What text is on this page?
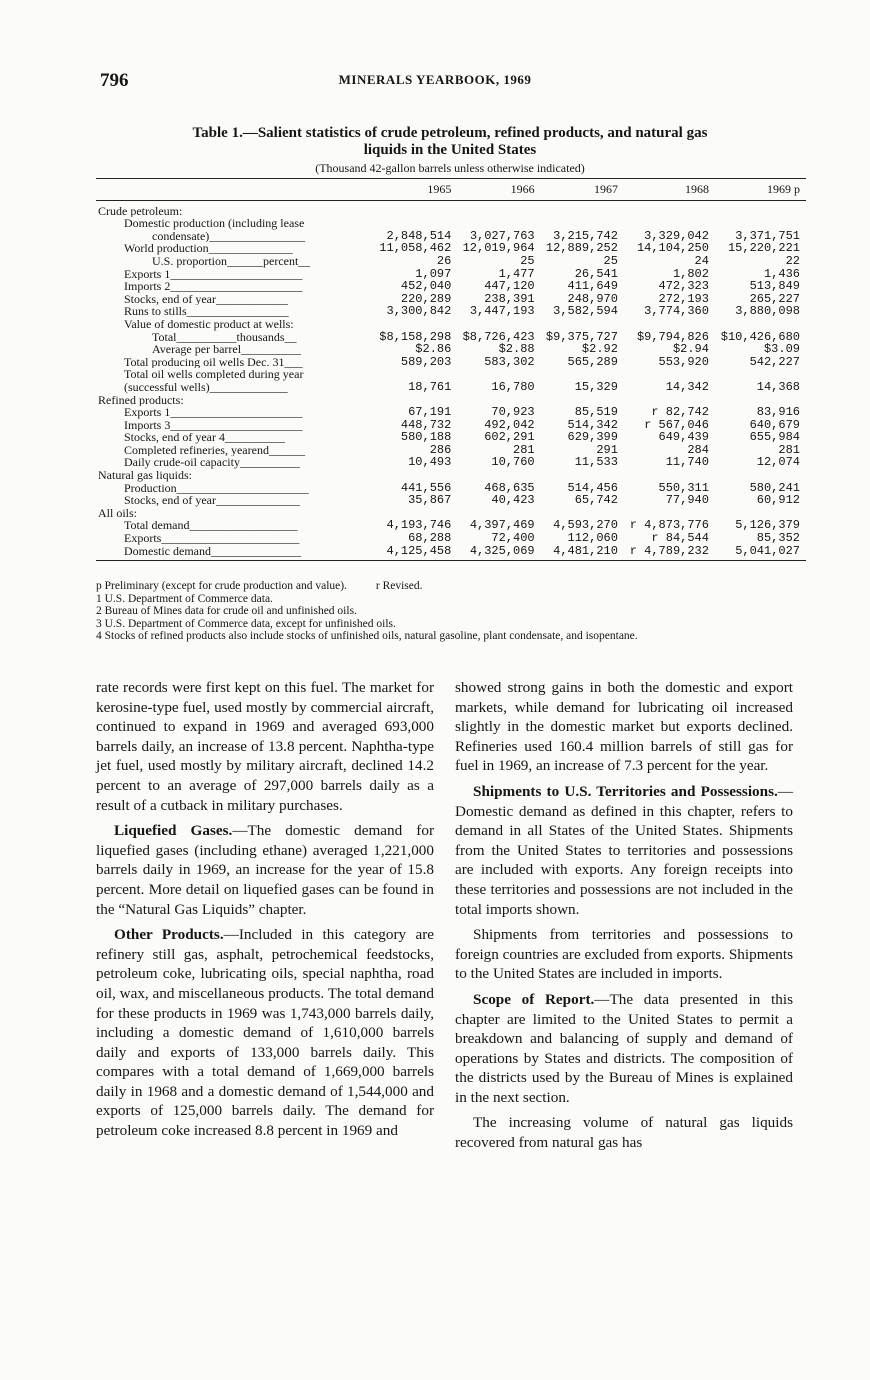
796	MINERALS YEARBOOK, 1969
Table 1.—Salient statistics of crude petroleum, refined products, and natural gas
liquids in the United States
(Thousand 42-gallon barrels unless otherwise indicated)
	1965	1966	1967	1968	1969 p
Crude petroleum:					
Domestic production (including lease					
condensate)________________	2,848,514	3,027,763	3,215,742	3,329,042	3,371,751
World production______________	11,058,462	12,019,964	12,889,252	14,104,250	15,220,221
U.S. proportion______percent__	26	25	25	24	22
Exports 1______________________	1,097	1,477	26,541	1,802	1,436
Imports 2______________________	452,040	447,120	411,649	472,323	513,849
Stocks, end of year____________	220,289	238,391	248,970	272,193	265,227
Runs to stills_________________	3,300,842	3,447,193	3,582,594	3,774,360	3,880,098
Value of domestic product at wells:					
Total__________thousands__	$8,158,298	$8,726,423	$9,375,727	$9,794,826	$10,426,680
Average per barrel__________	$2.86	$2.88	$2.92	$2.94	$3.09
Total producing oil wells Dec. 31___	589,203	583,302	565,289	553,920	542,227
Total oil wells completed during year					
(successful wells)_____________	18,761	16,780	15,329	14,342	14,368
Refined products:					
Exports 1______________________	67,191	70,923	85,519	r 82,742	83,916
Imports 3______________________	448,732	492,042	514,342	r 567,046	640,679
Stocks, end of year 4__________	580,188	602,291	629,399	649,439	655,984
Completed refineries, yearend______	286	281	291	284	281
Daily crude-oil capacity__________	10,493	10,760	11,533	11,740	12,074
Natural gas liquids:					
Production______________________	441,556	468,635	514,456	550,311	580,241
Stocks, end of year______________	35,867	40,423	65,742	77,940	60,912
All oils:					
Total demand__________________	4,193,746	4,397,469	4,593,270	r 4,873,776	5,126,379
Exports_______________________	68,288	72,400	112,060	r 84,544	85,352
Domestic demand_______________	4,125,458	4,325,069	4,481,210	r 4,789,232	5,041,027
p Preliminary (except for crude production and value).	r Revised.
1 U.S. Department of Commerce data.
2 Bureau of Mines data for crude oil and unfinished oils.
3 U.S. Department of Commerce data, except for unfinished oils.
4 Stocks of refined products also include stocks of unfinished oils, natural gasoline, plant condensate, and isopentane.

rate records were first kept on this fuel. The market for kerosine-type fuel, used mostly by commercial aircraft, continued to expand in 1969 and averaged 693,000 barrels daily, an increase of 13.8 percent. Naphtha-type jet fuel, used mostly by military aircraft, declined 14.2 percent to an average of 297,000 barrels daily as a result of a cutback in military purchases.

Liquefied Gases.—The domestic demand for liquefied gases (including ethane) averaged 1,221,000 barrels daily in 1969, an increase for the year of 15.8 percent. More detail on liquefied gases can be found in the “Natural Gas Liquids” chapter.

Other Products.—Included in this category are refinery still gas, asphalt, petrochemical feedstocks, petroleum coke, lubricating oils, special naphtha, road oil, wax, and miscellaneous products. The total demand for these products in 1969 was 1,743,000 barrels daily, including a domestic demand of 1,610,000 barrels daily and exports of 133,000 barrels daily. This compares with a total demand of 1,669,000 barrels daily in 1968 and a domestic demand of 1,544,000 and exports of 125,000 barrels daily. The demand for petroleum coke increased 8.8 percent in 1969 and

showed strong gains in both the domestic and export markets, while demand for lubricating oil increased slightly in the domestic market but exports declined. Refineries used 160.4 million barrels of still gas for fuel in 1969, an increase of 7.3 percent for the year.

Shipments to U.S. Territories and Possessions.—Domestic demand as defined in this chapter, refers to demand in all States of the United States. Shipments from the United States to territories and possessions are included with exports. Any foreign receipts into these territories and possessions are not included in the total imports shown.

Shipments from territories and possessions to foreign countries are excluded from exports. Shipments to the United States are included in imports.

Scope of Report.—The data presented in this chapter are limited to the United States to permit a breakdown and balancing of supply and demand of operations by States and districts. The composition of the districts used by the Bureau of Mines is explained in the next section.

The increasing volume of natural gas liquids recovered from natural gas has
